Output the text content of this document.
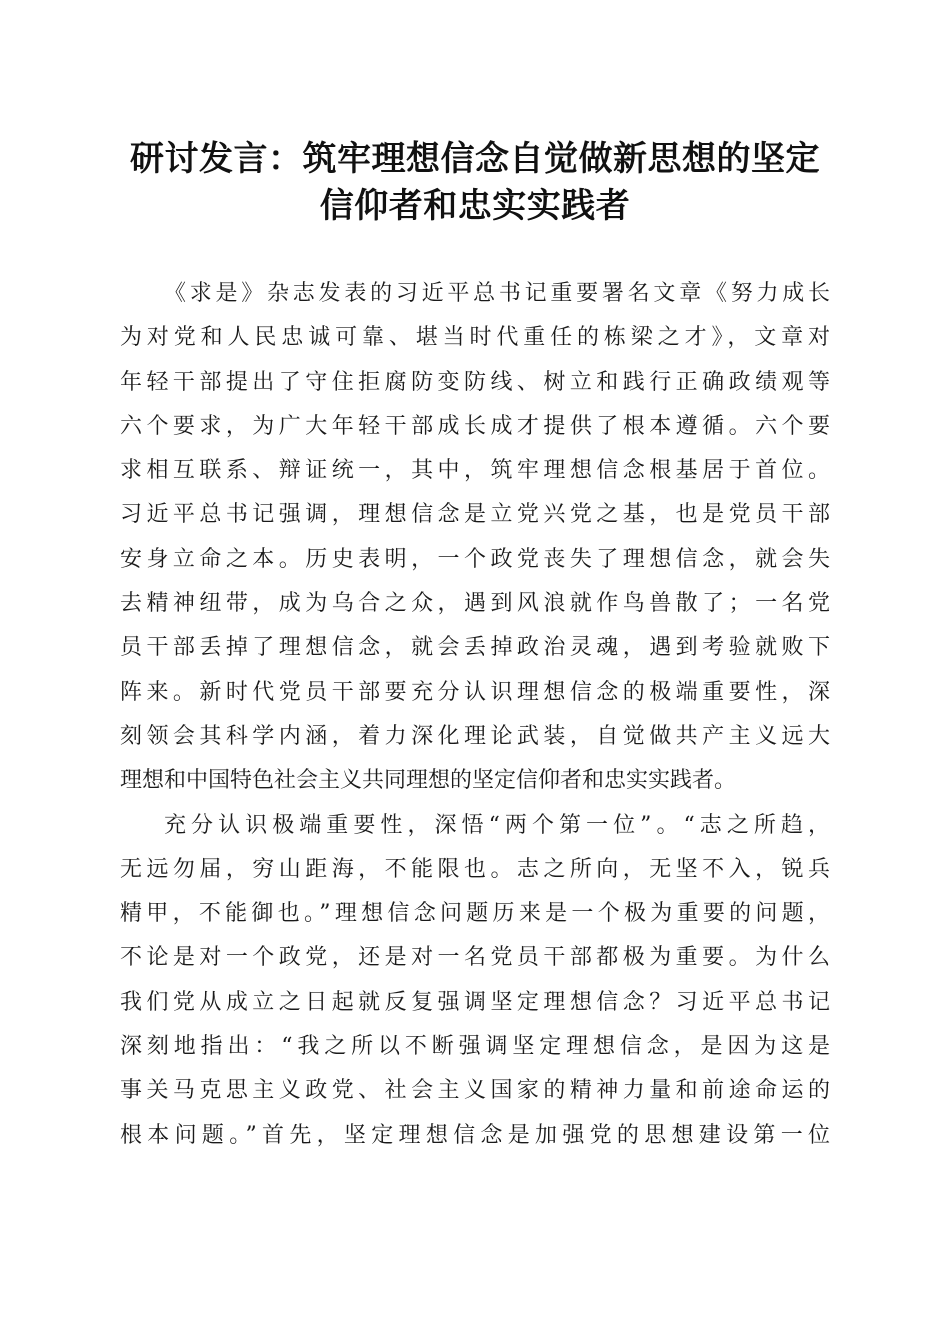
研讨发言：筑牢理想信念自觉做新思想的坚定
信仰者和忠实实践者
《求是》杂志发表的习近平总书记重要署名文章《努力成长
为对党和人民忠诚可靠、堪当时代重任的栋梁之才》，文章对
年轻干部提出了守住拒腐防变防线、树立和践行正确政绩观等
六个要求，为广大年轻干部成长成才提供了根本遵循。六个要
求相互联系、辩证统一，其中，筑牢理想信念根基居于首位。
习近平总书记强调，理想信念是立党兴党之基，也是党员干部
安身立命之本。历史表明，一个政党丧失了理想信念，就会失
去精神纽带，成为乌合之众，遇到风浪就作鸟兽散了；一名党
员干部丢掉了理想信念，就会丢掉政治灵魂，遇到考验就败下
阵来。新时代党员干部要充分认识理想信念的极端重要性，深
刻领会其科学内涵，着力深化理论武装，自觉做共产主义远大
理想和中国特色社会主义共同理想的坚定信仰者和忠实实践者。
充分认识极端重要性，深悟“两个第一位”。“志之所趋，
无远勿届，穷山距海，不能限也。志之所向，无坚不入，锐兵
精甲，不能御也。”理想信念问题历来是一个极为重要的问题，
不论是对一个政党，还是对一名党员干部都极为重要。为什么
我们党从成立之日起就反复强调坚定理想信念？习近平总书记
深刻地指出：“我之所以不断强调坚定理想信念，是因为这是
事关马克思主义政党、社会主义国家的精神力量和前途命运的
根本问题。”首先，坚定理想信念是加强党的思想建设第一位
